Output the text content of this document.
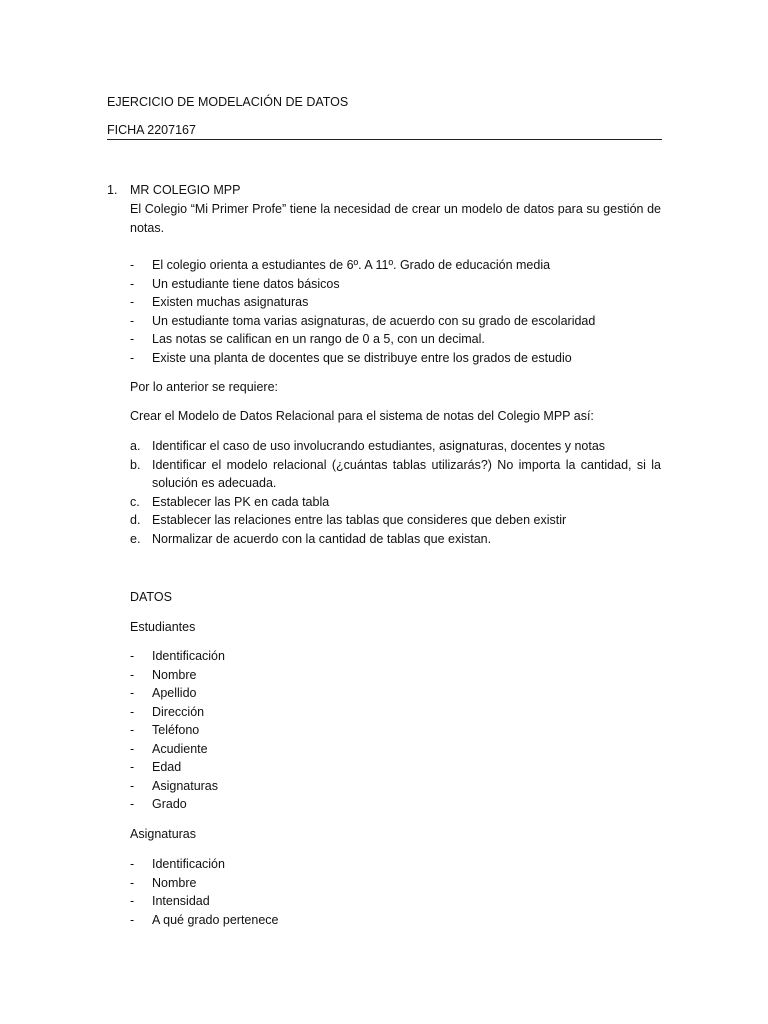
EJERCICIO DE MODELACIÓN DE DATOS
FICHA 2207167
1. MR COLEGIO MPP
El Colegio “Mi Primer Profe” tiene la necesidad de crear un modelo de datos para su gestión de notas.
- El colegio orienta a estudiantes de 6º. A 11º. Grado de educación media
- Un estudiante tiene datos básicos
- Existen muchas asignaturas
- Un estudiante toma varias asignaturas, de acuerdo con su grado de escolaridad
- Las notas se califican en un rango de 0 a 5, con un decimal.
- Existe una planta de docentes que se distribuye entre los grados de estudio
Por lo anterior se requiere:
Crear el Modelo de Datos Relacional para el sistema de notas del Colegio MPP así:
a. Identificar el caso de uso involucrando estudiantes, asignaturas, docentes y notas
b. Identificar el modelo relacional (¿cuántas tablas utilizarás?) No importa la cantidad, si la solución es adecuada.
c. Establecer las PK en cada tabla
d. Establecer las relaciones entre las tablas que consideres que deben existir
e. Normalizar de acuerdo con la cantidad de tablas que existan.
DATOS
Estudiantes
- Identificación
- Nombre
- Apellido
- Dirección
- Teléfono
- Acudiente
- Edad
- Asignaturas
- Grado
Asignaturas
- Identificación
- Nombre
- Intensidad
- A qué grado pertenece
